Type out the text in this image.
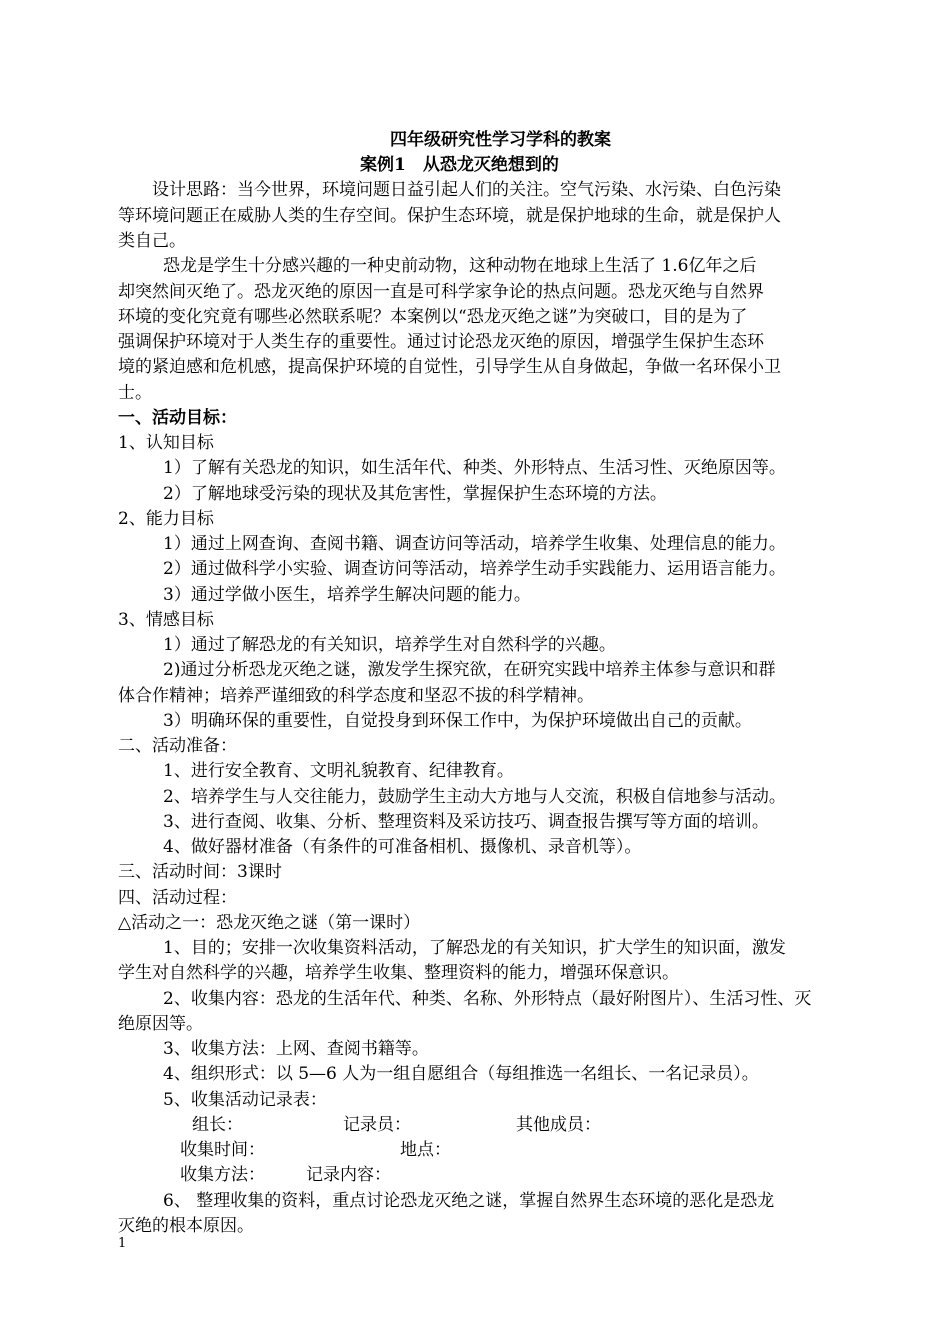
四年级研究性学习学科的教案
案例1　从恐龙灭绝想到的
设计思路：当今世界，环境问题日益引起人们的关注。空气污染、水污染、白色污染
等环境问题正在威胁人类的生存空间。保护生态环境，就是保护地球的生命，就是保护人
类自己。
恐龙是学生十分感兴趣的一种史前动物，这种动物在地球上生活了 1.6亿年之后
却突然间灭绝了。恐龙灭绝的原因一直是可科学家争论的热点问题。恐龙灭绝与自然界
环境的变化究竟有哪些必然联系呢？本案例以“恐龙灭绝之谜”为突破口，目的是为了
强调保护环境对于人类生存的重要性。通过讨论恐龙灭绝的原因，增强学生保护生态环
境的紧迫感和危机感，提高保护环境的自觉性，引导学生从自身做起，争做一名环保小卫
士。
一、活动目标：
1、认知目标
1）了解有关恐龙的知识，如生活年代、种类、外形特点、生活习性、灭绝原因等。
2）了解地球受污染的现状及其危害性，掌握保护生态环境的方法。
2、能力目标
1）通过上网查询、查阅书籍、调查访问等活动，培养学生收集、处理信息的能力。
2）通过做科学小实验、调查访问等活动，培养学生动手实践能力、运用语言能力。
3）通过学做小医生，培养学生解决问题的能力。
3、情感目标
1）通过了解恐龙的有关知识，培养学生对自然科学的兴趣。
2)通过分析恐龙灭绝之谜，激发学生探究欲，在研究实践中培养主体参与意识和群
体合作精神；培养严谨细致的科学态度和坚忍不拔的科学精神。
3）明确环保的重要性，自觉投身到环保工作中，为保护环境做出自己的贡献。
二、活动准备：
1、进行安全教育、文明礼貌教育、纪律教育。
2、培养学生与人交往能力，鼓励学生主动大方地与人交流，积极自信地参与活动。
3、进行查阅、收集、分析、整理资料及采访技巧、调查报告撰写等方面的培训。
4、做好器材准备（有条件的可准备相机、摄像机、录音机等）。
三、活动时间：3课时
四、活动过程：
△活动之一：恐龙灭绝之谜（第一课时）
1、目的；安排一次收集资料活动，了解恐龙的有关知识，扩大学生的知识面，激发
学生对自然科学的兴趣，培养学生收集、整理资料的能力，增强环保意识。
2、收集内容：恐龙的生活年代、种类、名称、外形特点（最好附图片）、生活习性、灭
绝原因等。
3、收集方法：上网、查阅书籍等。
4、组织形式：以 5—6 人为一组自愿组合（每组推选一名组长、一名记录员）。
5、收集活动记录表：
组长：	记录员：	其他成员：
收集时间：	地点：
收集方法： 记录内容：
6、 整理收集的资料，重点讨论恐龙灭绝之谜，掌握自然界生态环境的恶化是恐龙
灭绝的根本原因。
1
